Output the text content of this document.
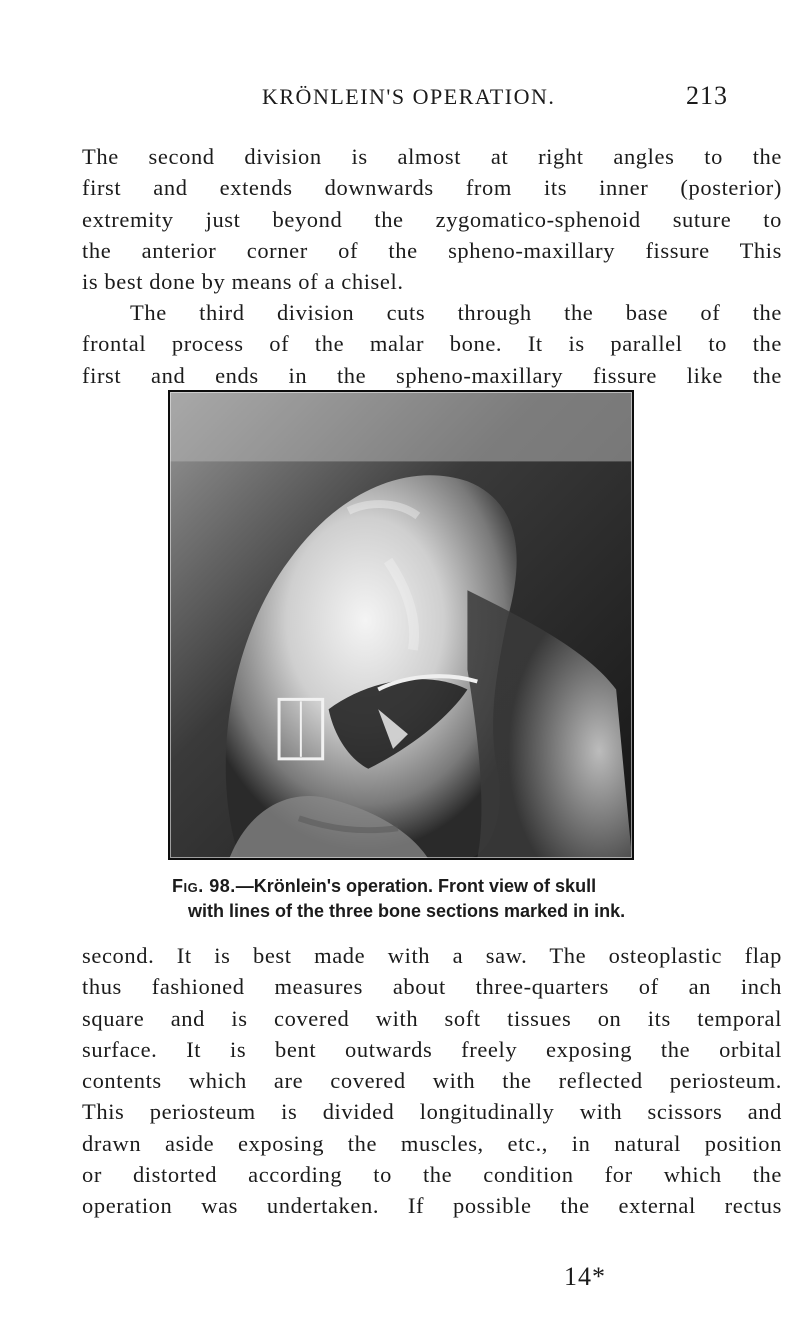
KRÖNLEIN'S OPERATION.	213
The second division is almost at right angles to the
first and extends downwards from its inner (posterior)
extremity just beyond the zygomatico-sphenoid suture to
the anterior corner of the spheno-maxillary fissure This
is best done by means of a chisel.
The third division cuts through the base of the
frontal process of the malar bone. It is parallel to the
first and ends in the spheno-maxillary fissure like the
Fig. 98.—Krönlein's operation. Front view of skull
with lines of the three bone sections marked in ink.
second. It is best made with a saw. The osteoplastic flap
thus fashioned measures about three-quarters of an inch
square and is covered with soft tissues on its temporal
surface. It is bent outwards freely exposing the orbital
contents which are covered with the reflected periosteum.
This periosteum is divided longitudinally with scissors and
drawn aside exposing the muscles, etc., in natural position
or distorted according to the condition for which the
operation was undertaken. If possible the external rectus
14*
